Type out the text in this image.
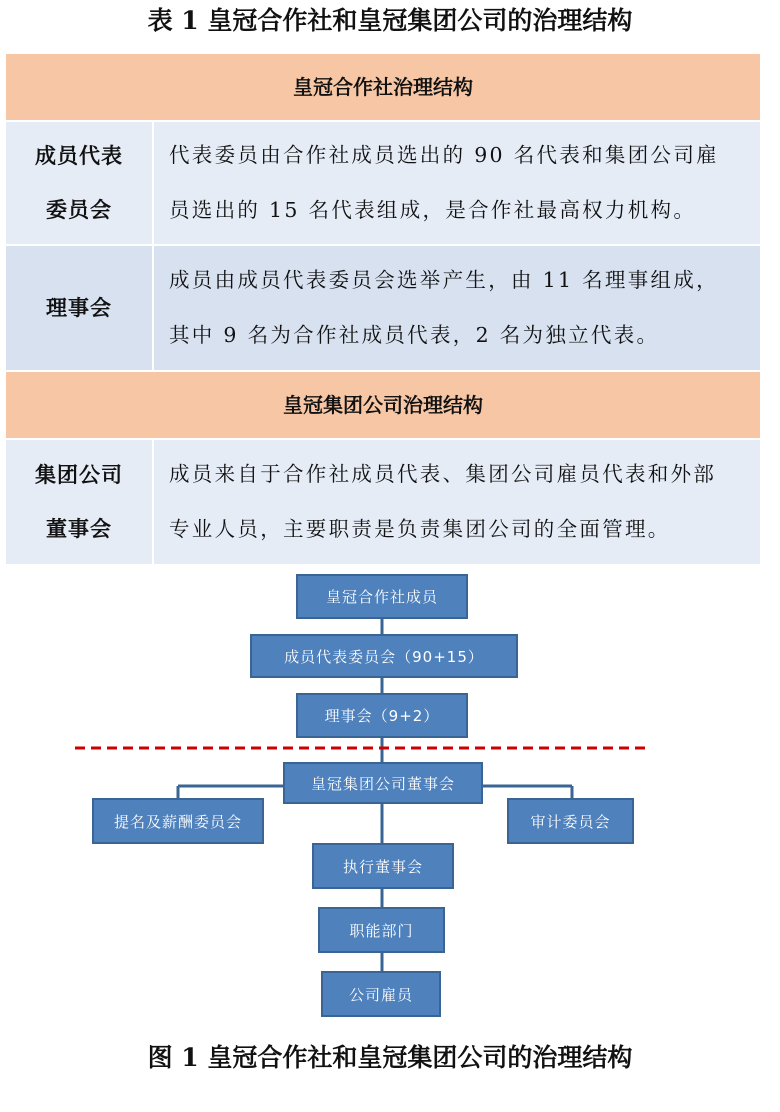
表 1 皇冠合作社和皇冠集团公司的治理结构
皇冠合作社治理结构
成员代表
委员会
代表委员由合作社成员选出的 90 名代表和集团公司雇
员选出的 15 名代表组成，是合作社最高权力机构。
理事会
成员由成员代表委员会选举产生，由 11 名理事组成，
其中 9 名为合作社成员代表，2 名为独立代表。
皇冠集团公司治理结构
集团公司
董事会
成员来自于合作社成员代表、集团公司雇员代表和外部
专业人员，主要职责是负责集团公司的全面管理。
皇冠合作社成员
成员代表委员会（90+15）
理事会（9+2）
皇冠集团公司董事会
提名及薪酬委员会	审计委员会
执行董事会
职能部门
公司雇员
图 1 皇冠合作社和皇冠集团公司的治理结构
